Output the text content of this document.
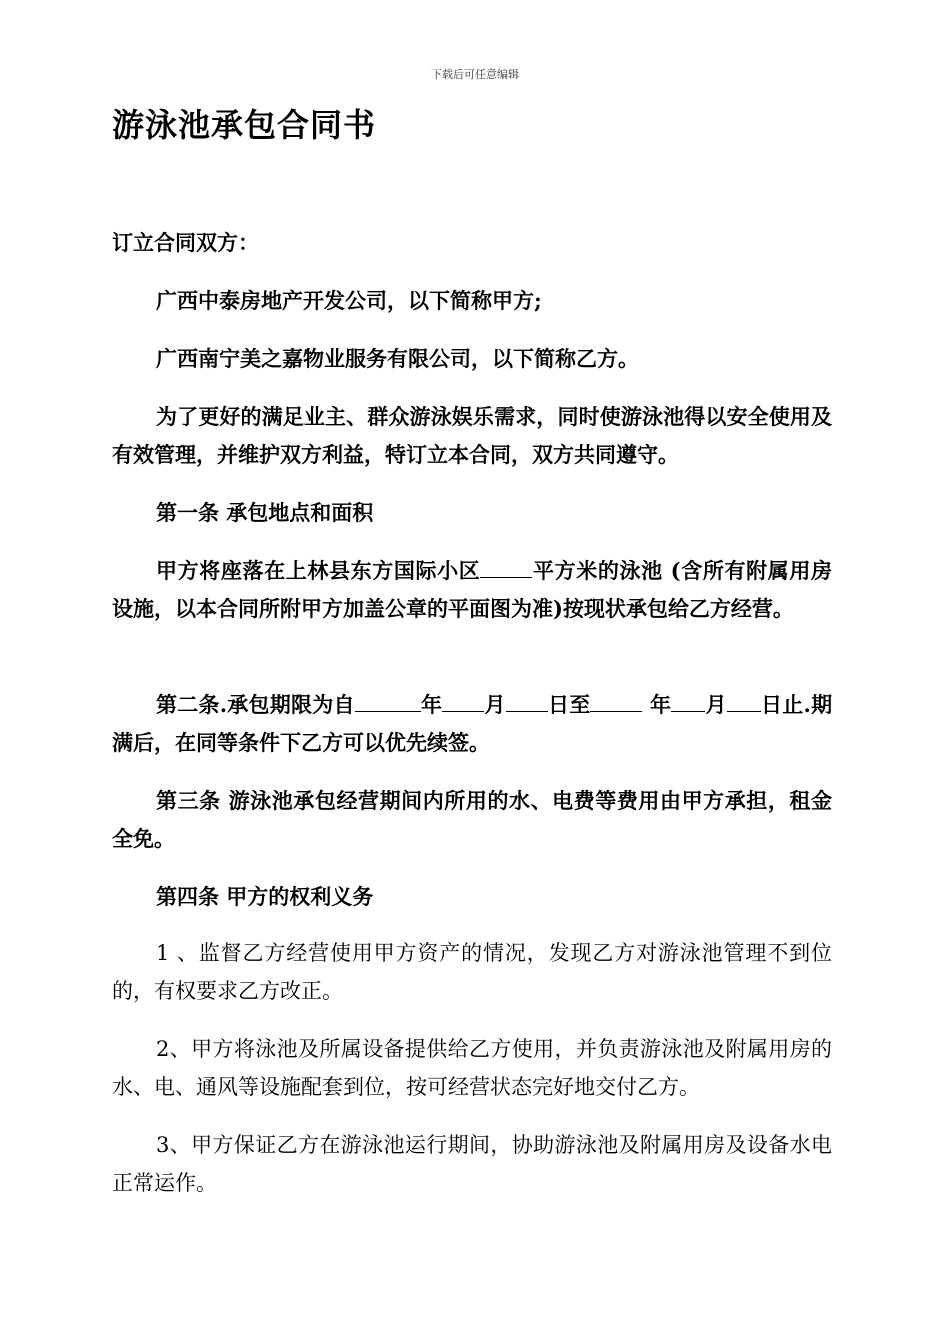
下载后可任意编辑
游泳池承包合同书

订立合同双方：

广西中泰房地产开发公司，以下简称甲方;

广西南宁美之嘉物业服务有限公司，以下简称乙方。

为了更好的满足业主、群众游泳娱乐需求，同时使游泳池得以安全使用及有效管理，并维护双方利益，特订立本合同，双方共同遵守。

第一条 承包地点和面积

甲方将座落在上林县东方国际小区 平方米的泳池 (含所有附属用房设施，以本合同所附甲方加盖公章的平面图为准)按现状承包给乙方经营。

第二条.承包期限为自	年 月 日至 年 月 日止.期满后，在同等条件下乙方可以优先续签。

第三条 游泳池承包经营期间内所用的水、电费等费用由甲方承担，租金全免。

第四条 甲方的权利义务

1 、监督乙方经营使用甲方资产的情况，发现乙方对游泳池管理不到位的，有权要求乙方改正。

2、甲方将泳池及所属设备提供给乙方使用，并负责游泳池及附属用房的水、电、通风等设施配套到位，按可经营状态完好地交付乙方。

3、甲方保证乙方在游泳池运行期间，协助游泳池及附属用房及设备水电正常运作。
